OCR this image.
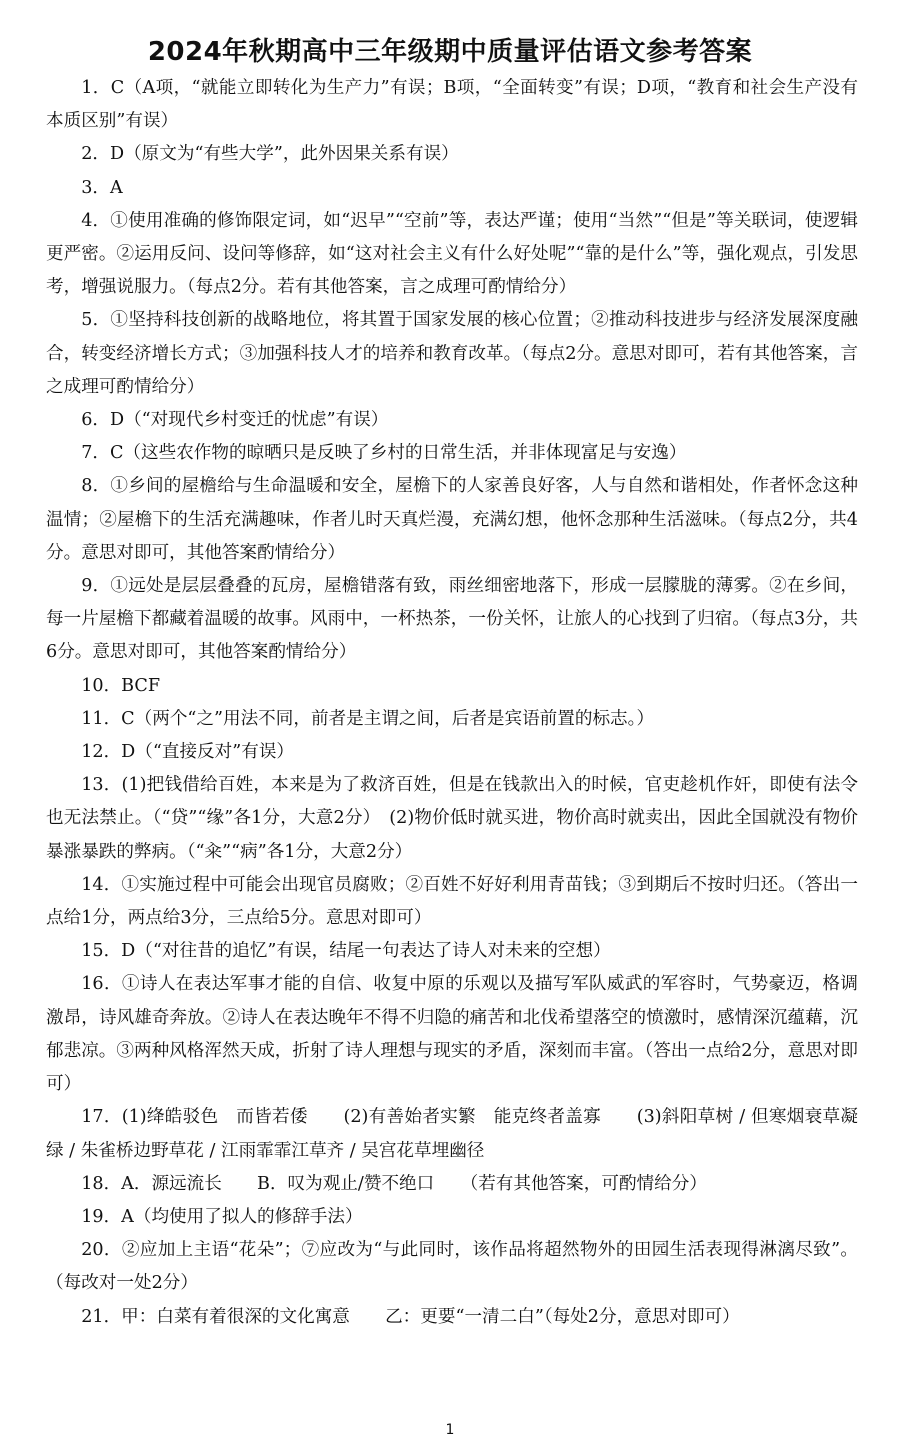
2024年秋期高中三年级期中质量评估语文参考答案

1．C（A项，“就能立即转化为生产力”有误；B项，“全面转变”有误；D项，“教育和社会生产没有本质区别”有误）

2．D（原文为“有些大学”，此外因果关系有误）

3．A

4．①使用准确的修饰限定词，如“迟早”“空前”等，表达严谨；使用“当然”“但是”等关联词，使逻辑更严密。②运用反问、设问等修辞，如“这对社会主义有什么好处呢”“靠的是什么”等，强化观点，引发思考，增强说服力。（每点2分。若有其他答案，言之成理可酌情给分）

5．①坚持科技创新的战略地位，将其置于国家发展的核心位置；②推动科技进步与经济发展深度融合，转变经济增长方式；③加强科技人才的培养和教育改革。（每点2分。意思对即可，若有其他答案，言之成理可酌情给分）

6．D（“对现代乡村变迁的忧虑”有误）

7．C（这些农作物的晾晒只是反映了乡村的日常生活，并非体现富足与安逸）

8．①乡间的屋檐给与生命温暖和安全，屋檐下的人家善良好客，人与自然和谐相处，作者怀念这种温情；②屋檐下的生活充满趣味，作者儿时天真烂漫，充满幻想，他怀念那种生活滋味。（每点2分，共4分。意思对即可，其他答案酌情给分）

9．①远处是层层叠叠的瓦房，屋檐错落有致，雨丝细密地落下，形成一层朦胧的薄雾。②在乡间，每一片屋檐下都藏着温暖的故事。风雨中，一杯热茶，一份关怀，让旅人的心找到了归宿。（每点3分，共6分。意思对即可，其他答案酌情给分）

10．BCF

11．C（两个“之”用法不同，前者是主谓之间，后者是宾语前置的标志。）

12．D（“直接反对”有误）

13．(1)把钱借给百姓，本来是为了救济百姓，但是在钱款出入的时候，官吏趁机作奸，即使有法令也无法禁止。（“贷”“缘”各1分，大意2分）　(2)物价低时就买进，物价高时就卖出，因此全国就没有物价暴涨暴跌的弊病。（“籴”“病”各1分，大意2分）

14．①实施过程中可能会出现官员腐败；②百姓不好好利用青苗钱；③到期后不按时归还。（答出一点给1分，两点给3分，三点给5分。意思对即可）

15．D（“对往昔的追忆”有误，结尾一句表达了诗人对未来的空想）

16．①诗人在表达军事才能的自信、收复中原的乐观以及描写军队威武的军容时，气势豪迈，格调激昂，诗风雄奇奔放。②诗人在表达晚年不得不归隐的痛苦和北伐希望落空的愤激时，感情深沉蕴藉，沉郁悲凉。③两种风格浑然天成，折射了诗人理想与现实的矛盾，深刻而丰富。（答出一点给2分，意思对即可）

17．(1)绛皓驳色　而皆若倭　　(2)有善始者实繁　能克终者盖寡　　(3)斜阳草树 / 但寒烟衰草凝绿 / 朱雀桥边野草花 / 江雨霏霏江草齐 / 吴宫花草埋幽径

18．A．源远流长　　B．叹为观止/赞不绝口　　（若有其他答案，可酌情给分）

19．A（均使用了拟人的修辞手法）

20．②应加上主语“花朵”；⑦应改为“与此同时，该作品将超然物外的田园生活表现得淋漓尽致”。（每改对一处2分）

21．甲：白菜有着很深的文化寓意　　乙：更要“一清二白”（每处2分，意思对即可）

1
